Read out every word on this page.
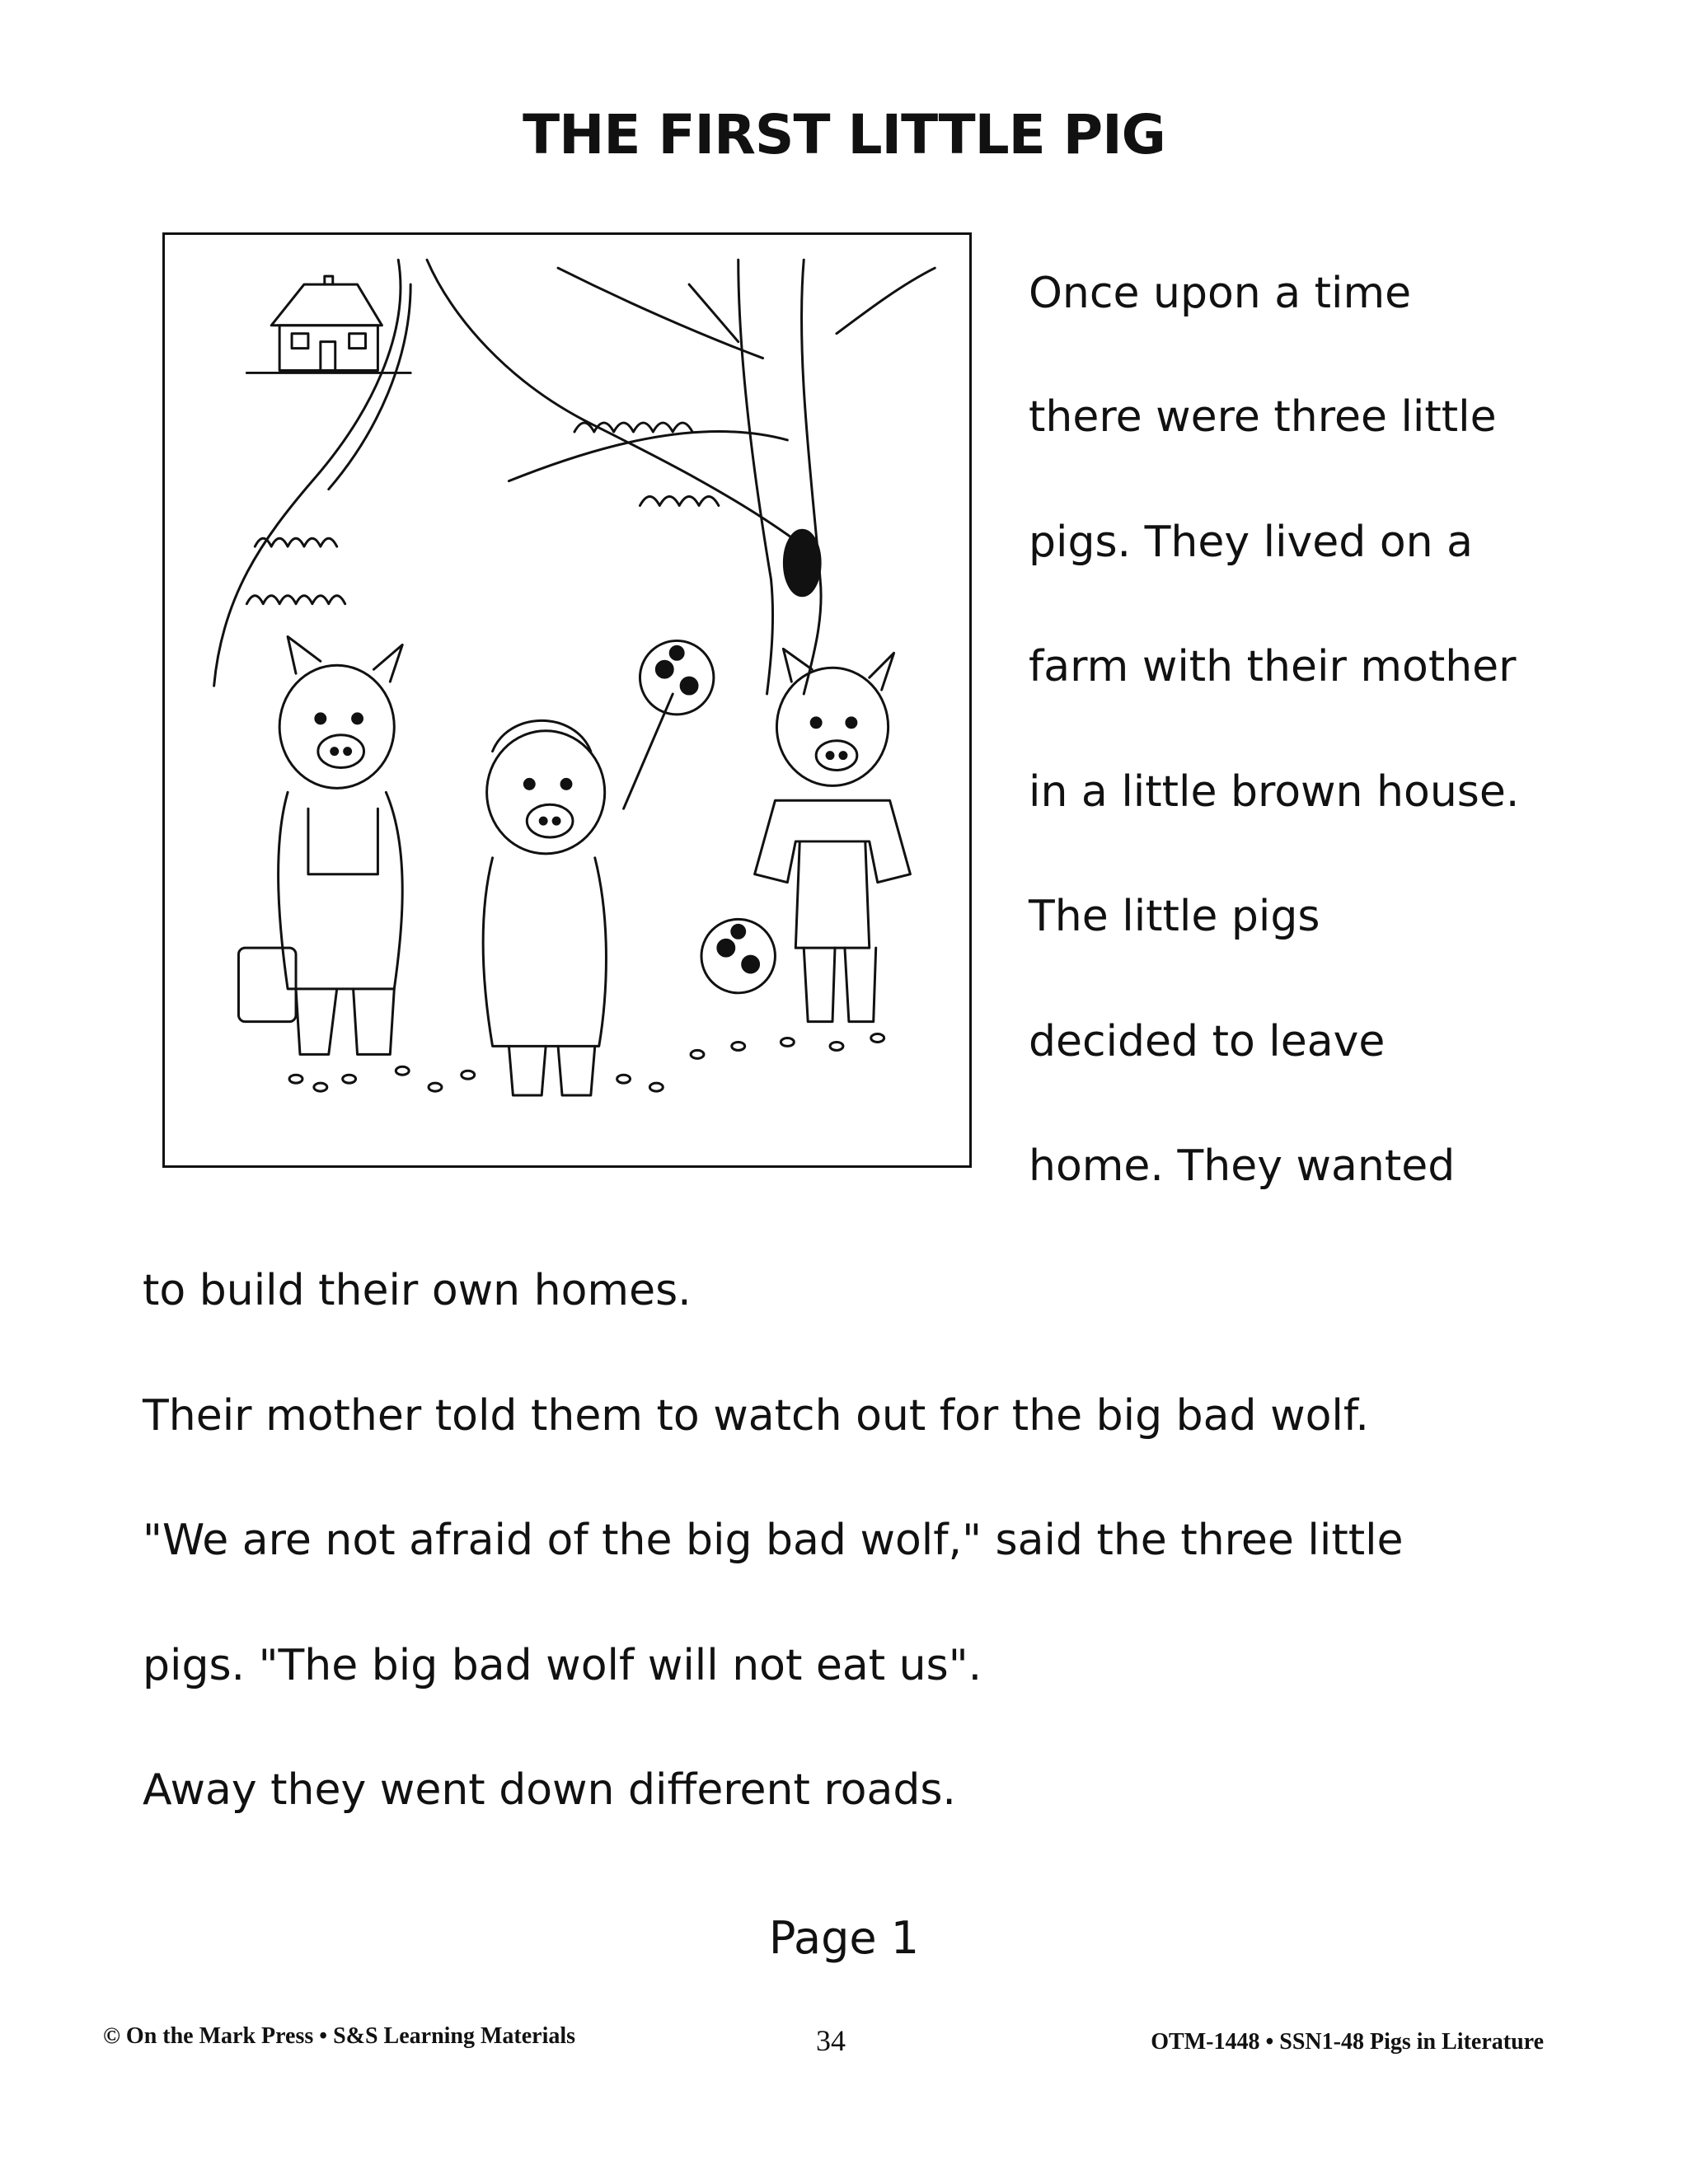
THE FIRST LITTLE PIG
Once upon a time
there were three little
pigs. They lived on a
farm with their mother
in a little brown house.
The little pigs
decided to leave
home. They wanted
to build their own homes.
Their mother told them to watch out for the big bad wolf.
"We are not afraid of the big bad wolf," said the three little
pigs. "The big bad wolf will not eat us".
Away they went down different roads.
Page 1
© On the Mark Press • S&S Learning Materials	34	OTM-1448 • SSN1-48 Pigs in Literature
